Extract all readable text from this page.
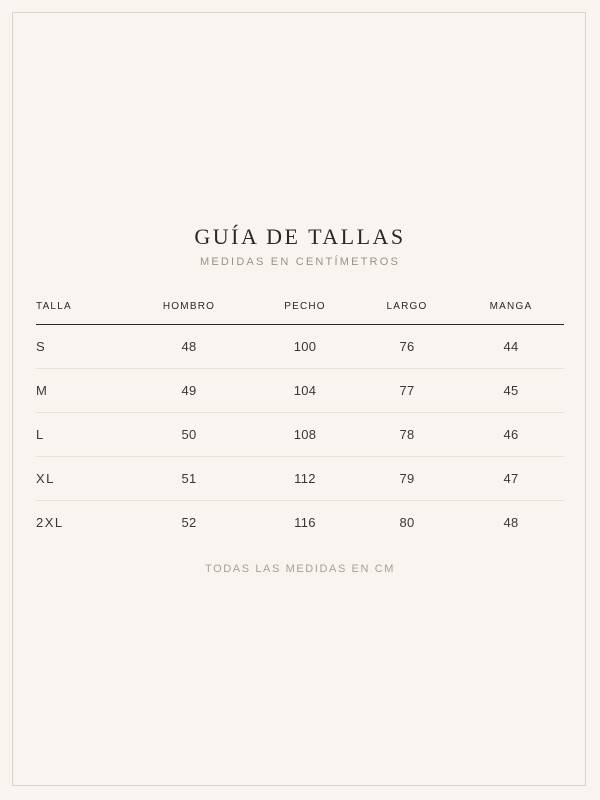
GUÍA DE TALLAS
MEDIDAS EN CENTÍMETROS
TALLA	HOMBRO	PECHO	LARGO	MANGA
S	48	100	76	44
M	49	104	77	45
L	50	108	78	46
XL	51	112	79	47
2XL	52	116	80	48
TODAS LAS MEDIDAS EN CM
